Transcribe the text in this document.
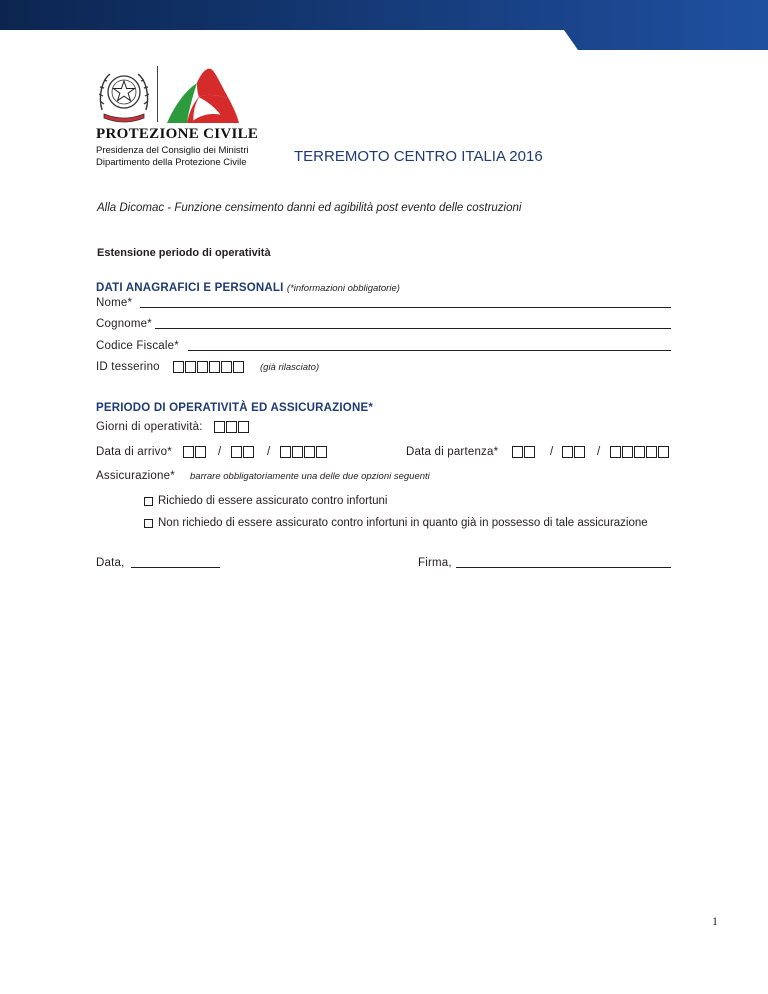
PROTEZIONE CIVILE
Presidenza del Consiglio dei Ministri
Dipartimento della Protezione Civile	TERREMOTO CENTRO ITALIA 2016
Alla Dicomac - Funzione censimento danni ed agibilità post evento delle costruzioni
Estensione periodo di operatività
DATI ANAGRAFICI E PERSONALI (*informazioni obbligatorie)
Nome*
Cognome*
Codice Fiscale*
ID tesserino	(già rilasciato)
PERIODO DI OPERATIVITÀ ED ASSICURAZIONE*
Giorni di operatività:
Data di arrivo*	/	/	Data di partenza*	/	/
Assicurazione* barrare obbligatoriamente una delle due opzioni seguenti
Richiedo di essere assicurato contro infortuni
Non richiedo di essere assicurato contro infortuni in quanto già in possesso di tale assicurazione
Data,	Firma,
1
